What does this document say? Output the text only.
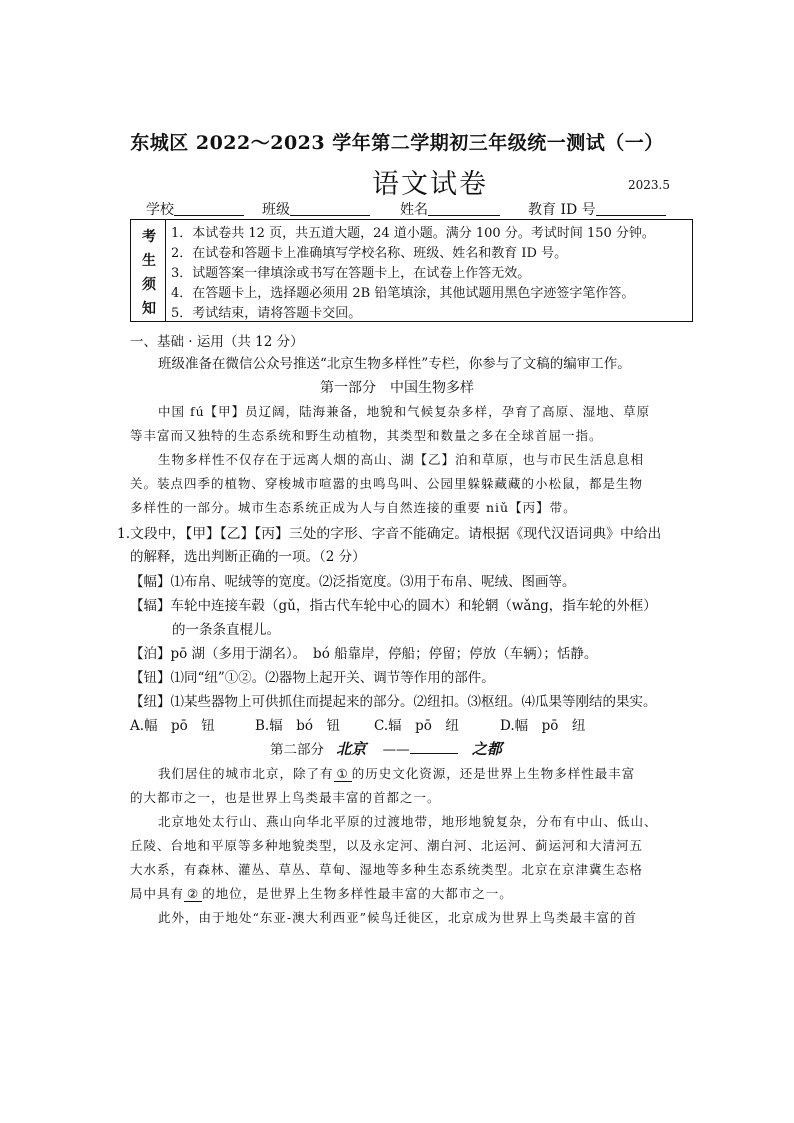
东城区 2022～2023 学年第二学期初三年级统一测试（一）
语文试卷	2023.5
学校	班级	姓名	教育 ID 号
考
生
须
知
1．本试卷共 12 页，共五道大题，24 道小题。满分 100 分。考试时间 150 分钟。
2．在试卷和答题卡上准确填写学校名称、班级、姓名和教育 ID 号。
3．试题答案一律填涂或书写在答题卡上，在试卷上作答无效。
4．在答题卡上，选择题必须用 2B 铅笔填涂，其他试题用黑色字迹签字笔作答。
5．考试结束，请将答题卡交回。
一、基础 · 运用（共 12 分）
班级准备在微信公众号推送“北京生物多样性”专栏，你参与了文稿的编审工作。
第一部分　中国生物多样
中国 fú【甲】员辽阔，陆海兼备，地貌和气候复杂多样，孕育了高原、湿地、草原
等丰富而又独特的生态系统和野生动植物，其类型和数量之多在全球首屈一指。
生物多样性不仅存在于远离人烟的高山、湖【乙】泊和草原，也与市民生活息息相
关。装点四季的植物、穿梭城市喧嚣的虫鸣鸟叫、公园里躲躲藏藏的小松鼠，都是生物
多样性的一部分。城市生态系统正成为人与自然连接的重要 niǔ【丙】带。
1.文段中，【甲】【乙】【丙】三处的字形、字音不能确定。请根据《现代汉语词典》中给出
的解释，选出判断正确的一项。（2 分）
【幅】⑴布帛、呢绒等的宽度。⑵泛指宽度。⑶用于布帛、呢绒、图画等。
【辐】车轮中连接车毂（gǔ，指古代车轮中心的圆木）和轮辋（wǎng，指车轮的外框）
的一条条直棍儿。
【泊】pō 湖（多用于湖名）。　bó 船靠岸，停船；停留；停放（车辆）；恬静。
【钮】⑴同“纽”①②。⑵器物上起开关、调节等作用的部件。
【纽】⑴某些器物上可供抓住而提起来的部分。⑵纽扣。⑶枢纽。⑷瓜果等刚结的果实。
A.幅　pō　钮	B.辐　bó　钮	C.辐　pō　纽	D.幅　pō　纽
第二部分 北京 ——	之都
我们居住的城市北京，除了有 ① 的历史文化资源，还是世界上生物多样性最丰富
的大都市之一，也是世界上鸟类最丰富的首都之一。
北京地处太行山、燕山向华北平原的过渡地带，地形地貌复杂，分布有中山、低山、
丘陵、台地和平原等多种地貌类型，以及永定河、潮白河、北运河、蓟运河和大清河五
大水系，有森林、灌丛、草丛、草甸、湿地等多种生态系统类型。北京在京津冀生态格
局中具有 ② 的地位，是世界上生物多样性最丰富的大都市之一。
此外，由于地处“东亚-澳大利西亚”候鸟迁徙区，北京成为世界上鸟类最丰富的首
